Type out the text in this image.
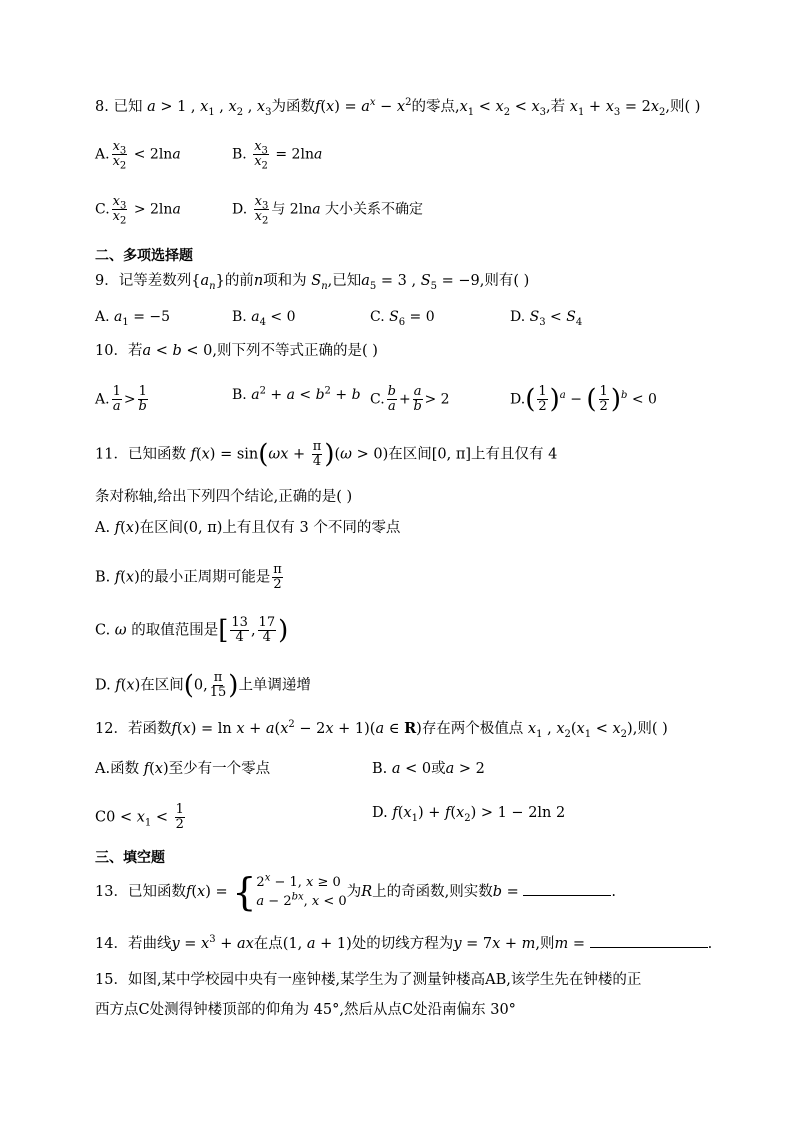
8. 已知 a > 1 , $x_1$ , $x_2$ , $x_3$为函数$f(x) = a^x - x^2$的零点$,x_1 < x_2 < x_3$,若 $x_1 + x_3 = 2x_2$,则( )
A. $\frac{x_3}{x_2} < 2\ln a$	B. $\frac{x_3}{x_2} = 2\ln a$
C. $\frac{x_3}{x_2} > 2\ln a$	D. $\frac{x_3}{x_2}$ 与 2lna 大小关系不确定
二、多项选择题
9．记等差数列$\{a_n\}$的前n项和为 $S_n$,已知$a_5 = 3$ , $S_5 = -9$,则有( )
A. $a_1 = -5$	B. $a_4 < 0$	C. $S_6 = 0$	D. $S_3 < S_4$
10．若a < b < 0,则下列不等式正确的是( )
A. $\frac{1}{a} > \frac{1}{b}$	B. $a^2 + a < b^2 + b$ C. $\frac{b}{a} + \frac{a}{b} > 2$	$D.( \frac{1}{2} )^a$ − ( $\frac{1}{2} )^b < 0$
11．已知函数 $f(x) = \sin(\omega x + \frac{\pi}{4} )(\omega > 0)$在区间[0, π]上有且仅有 4
条对称轴,给出下列四个结论,正确的是( )
A. f(x)在区间(0, π)上有且仅有 3 个不同的零点
B. f(x)的最小正周期可能是 $\frac{\pi}{2}$
C. ω 的取值范围是[ $\frac{13}{4}$ , $\frac{17}{4}$ )
D. f(x)在区间(0, $\frac{\pi}{15}$ )上单调递增
12．若函数$f(x) = \ln x + a(x^2 - 2x + 1)(a$ ∈ R)存在两个极值点 $x_1$ , $x_2(x_1 < x_2)$,则( )
A.函数 f(x)至少有一个零点	B. a < 0或a > 2
$C0 < x_1 < \frac{1}{2}$	D. $f(x_1) + f(x_2) > 1 - 2\ln$ 2
三、填空题
13．已知函数f(x) = { $2^x - 1$, x ≥ 0
$a - 2^{bx}$, x < 0
为R上的奇函数,则实数b =	.
14．若曲线$y = x^3$ + ax在点(1, a + 1)处的切线方程为y = 7x + m,则m =	.
15．如图,某中学校园中央有一座钟楼,某学生为了测量钟楼高AB,该学生先在钟楼的正
西方点C处测得钟楼顶部的仰角为 45°,然后从点C处沿南偏东 30°
